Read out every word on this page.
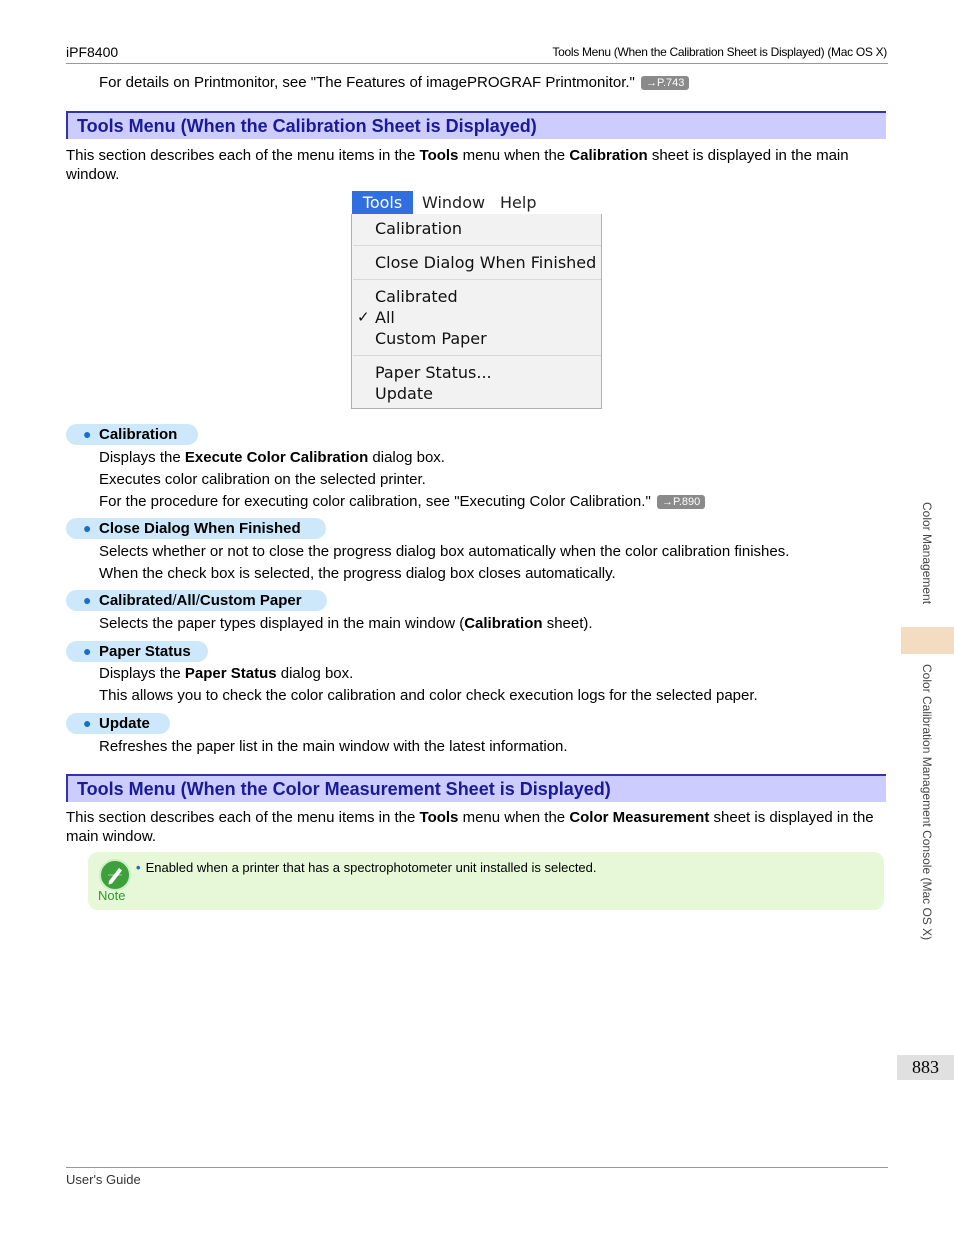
iPF8400	Tools Menu (When the Calibration Sheet is Displayed) (Mac OS X)
For details on Printmonitor, see "The Features of imagePROGRAF Printmonitor." →P.743
Tools Menu (When the Calibration Sheet is Displayed)
This section describes each of the menu items in the Tools menu when the Calibration sheet is displayed in the main window.
Tools	Window Help
Calibration
Close Dialog When Finished
Calibrated
✓ All
Custom Paper
Paper Status...
Update
● Calibration
Displays the Execute Color Calibration dialog box.
Executes color calibration on the selected printer.
For the procedure for executing color calibration, see "Executing Color Calibration." →P.890
● Close Dialog When Finished
Selects whether or not to close the progress dialog box automatically when the color calibration finishes.
When the check box is selected, the progress dialog box closes automatically.
● Calibrated/All/Custom Paper
Selects the paper types displayed in the main window (Calibration sheet).
● Paper Status
Displays the Paper Status dialog box.
This allows you to check the color calibration and color check execution logs for the selected paper.
● Update
Refreshes the paper list in the main window with the latest information.
Tools Menu (When the Color Measurement Sheet is Displayed)
This section describes each of the menu items in the Tools menu when the Color Measurement sheet is displayed in the main window.
Note
• Enabled when a printer that has a spectrophotometer unit installed is selected.
Color Management
Color Calibration Management Console (Mac OS X)
883
User's Guide
